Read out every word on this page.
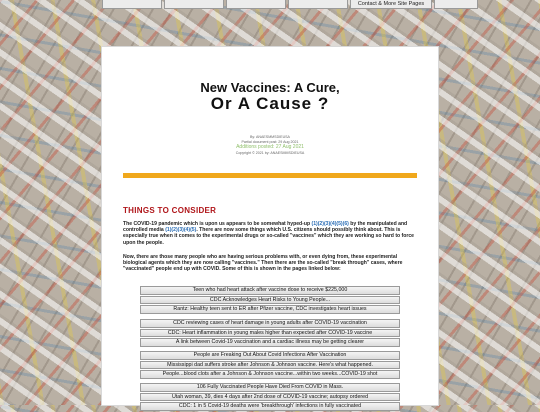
Contact & More Site Pages
New Vaccines: A Cure,
Or A Cause ?
By: ANAESMMSDIEUSA
Partial document post: 29 Aug 2021
Additions posted: 27 Aug 2021
Copyright © 2021 by: ANAESMMSDIEUSA
THINGS TO CONSIDER
The COVID-19 pandemic which is upon us appears to be somewhat hyped-up (1)(2)(3)(4)(5)(6) by the manipulated and controlled media (1)(2)(3)(4)(5). There are now some things which U.S. citizens should possibly think about. This is especially true when it comes to the experimental drugs or so-called "vaccines" which they are working so hard to force upon the people.
Now, there are those many people who are having serious problems with, or even dying from, these experimental biological agents which they are now calling "vaccines." Then there are the so-called "break through" cases, where "vaccinated" people end up with COVID. Some of this is shown in the pages linked below:
Teen who had heart attack after vaccine dose to receive $225,000
CDC Acknowledges Heart Risks to Young People...
Rantz: Healthy teen sent to ER after Pfizer vaccine, CDC investigates heart issues
CDC reviewing cases of heart damage in young adults after COVID-19 vaccination
CDC: Heart inflammation in young males higher than expected after COVID-19 vaccine
A link between Covid-19 vaccination and a cardiac illness may be getting clearer
People are Freaking Out About Covid Infections After Vaccination
Mississippi dad suffers stroke after Johnson & Johnson vaccine. Here's what happened.
People...blood clots after a Johnson & Johnson vaccine...within two weeks...COVID-19 shot
106 Fully Vaccinated People Have Died From COVID in Mass.
Utah woman, 39, dies 4 days after 2nd dose of COVID-19 vaccine; autopsy ordered
CDC: 1 in 5 Covid-19 deaths were 'breakthrough' infections in fully vaccinated
